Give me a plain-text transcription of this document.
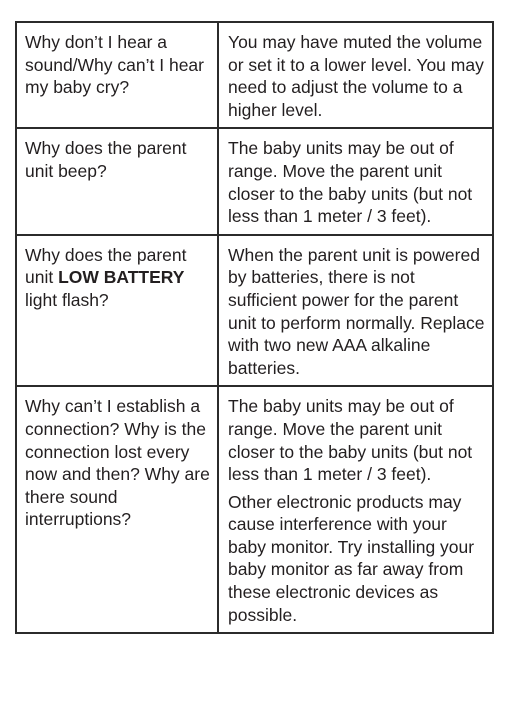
Why don’t I hear a sound/Why can’t I hear my baby cry?	You may have muted the volume or set it to a lower level. You may need to adjust the volume to a higher level.

Why does the parent unit beep?	The baby units may be out of range. Move the parent unit closer to the baby units (but not less than 1 meter / 3 feet).

Why does the parent unit LOW BATTERY light flash?	When the parent unit is powered by batteries, there is not sufficient power for the parent unit to perform normally. Replace with two new AAA alkaline batteries.

Why can’t I establish a connection? Why is the connection lost every now and then? Why are there sound interruptions?	The baby units may be out of range. Move the parent unit closer to the baby units (but not less than 1 meter / 3 feet).
Other electronic products may cause interference with your baby monitor. Try installing your baby monitor as far away from these electronic devices as possible.
